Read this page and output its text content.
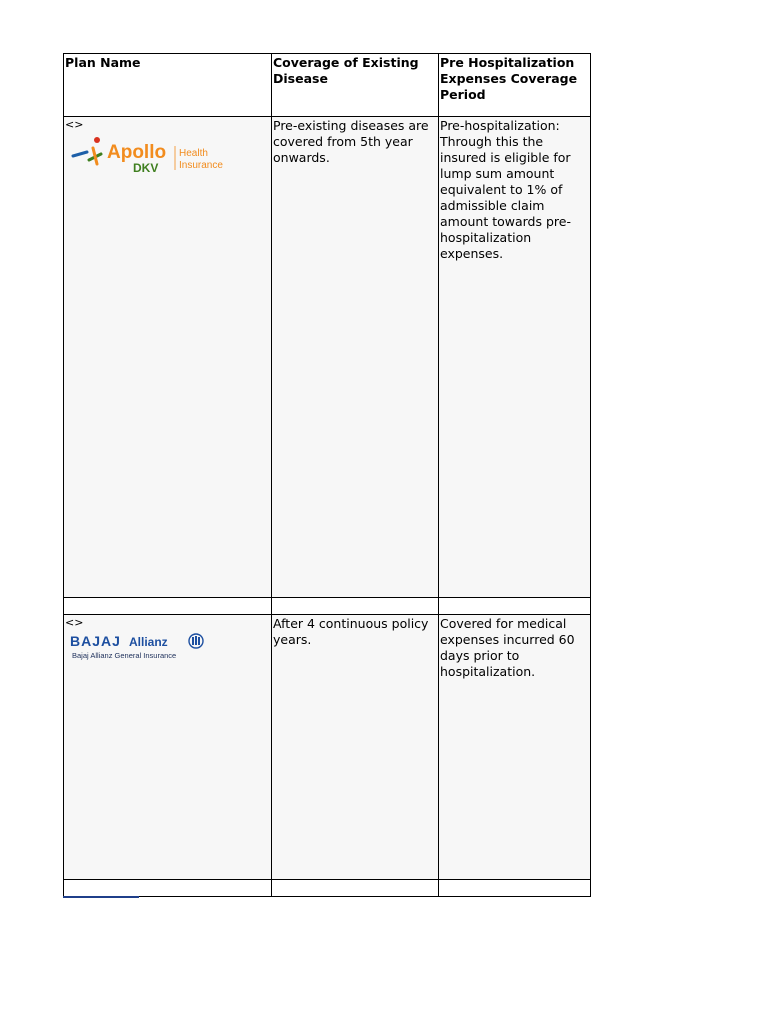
Plan Name	Coverage of Existing Disease	Pre Hospitalization Expenses Coverage Period

<>
Apollo
DKV
Health
Insurance	Pre-existing diseases are covered from 5th year onwards.	Pre-hospitalization: Through this the insured is eligible for lump sum amount equivalent to 1% of admissible claim amount towards pre-hospitalization expenses.

<>
BAJAJ Allianz
Bajaj Allianz General Insurance	After 4 continuous policy years.	Covered for medical expenses incurred 60 days prior to hospitalization.
